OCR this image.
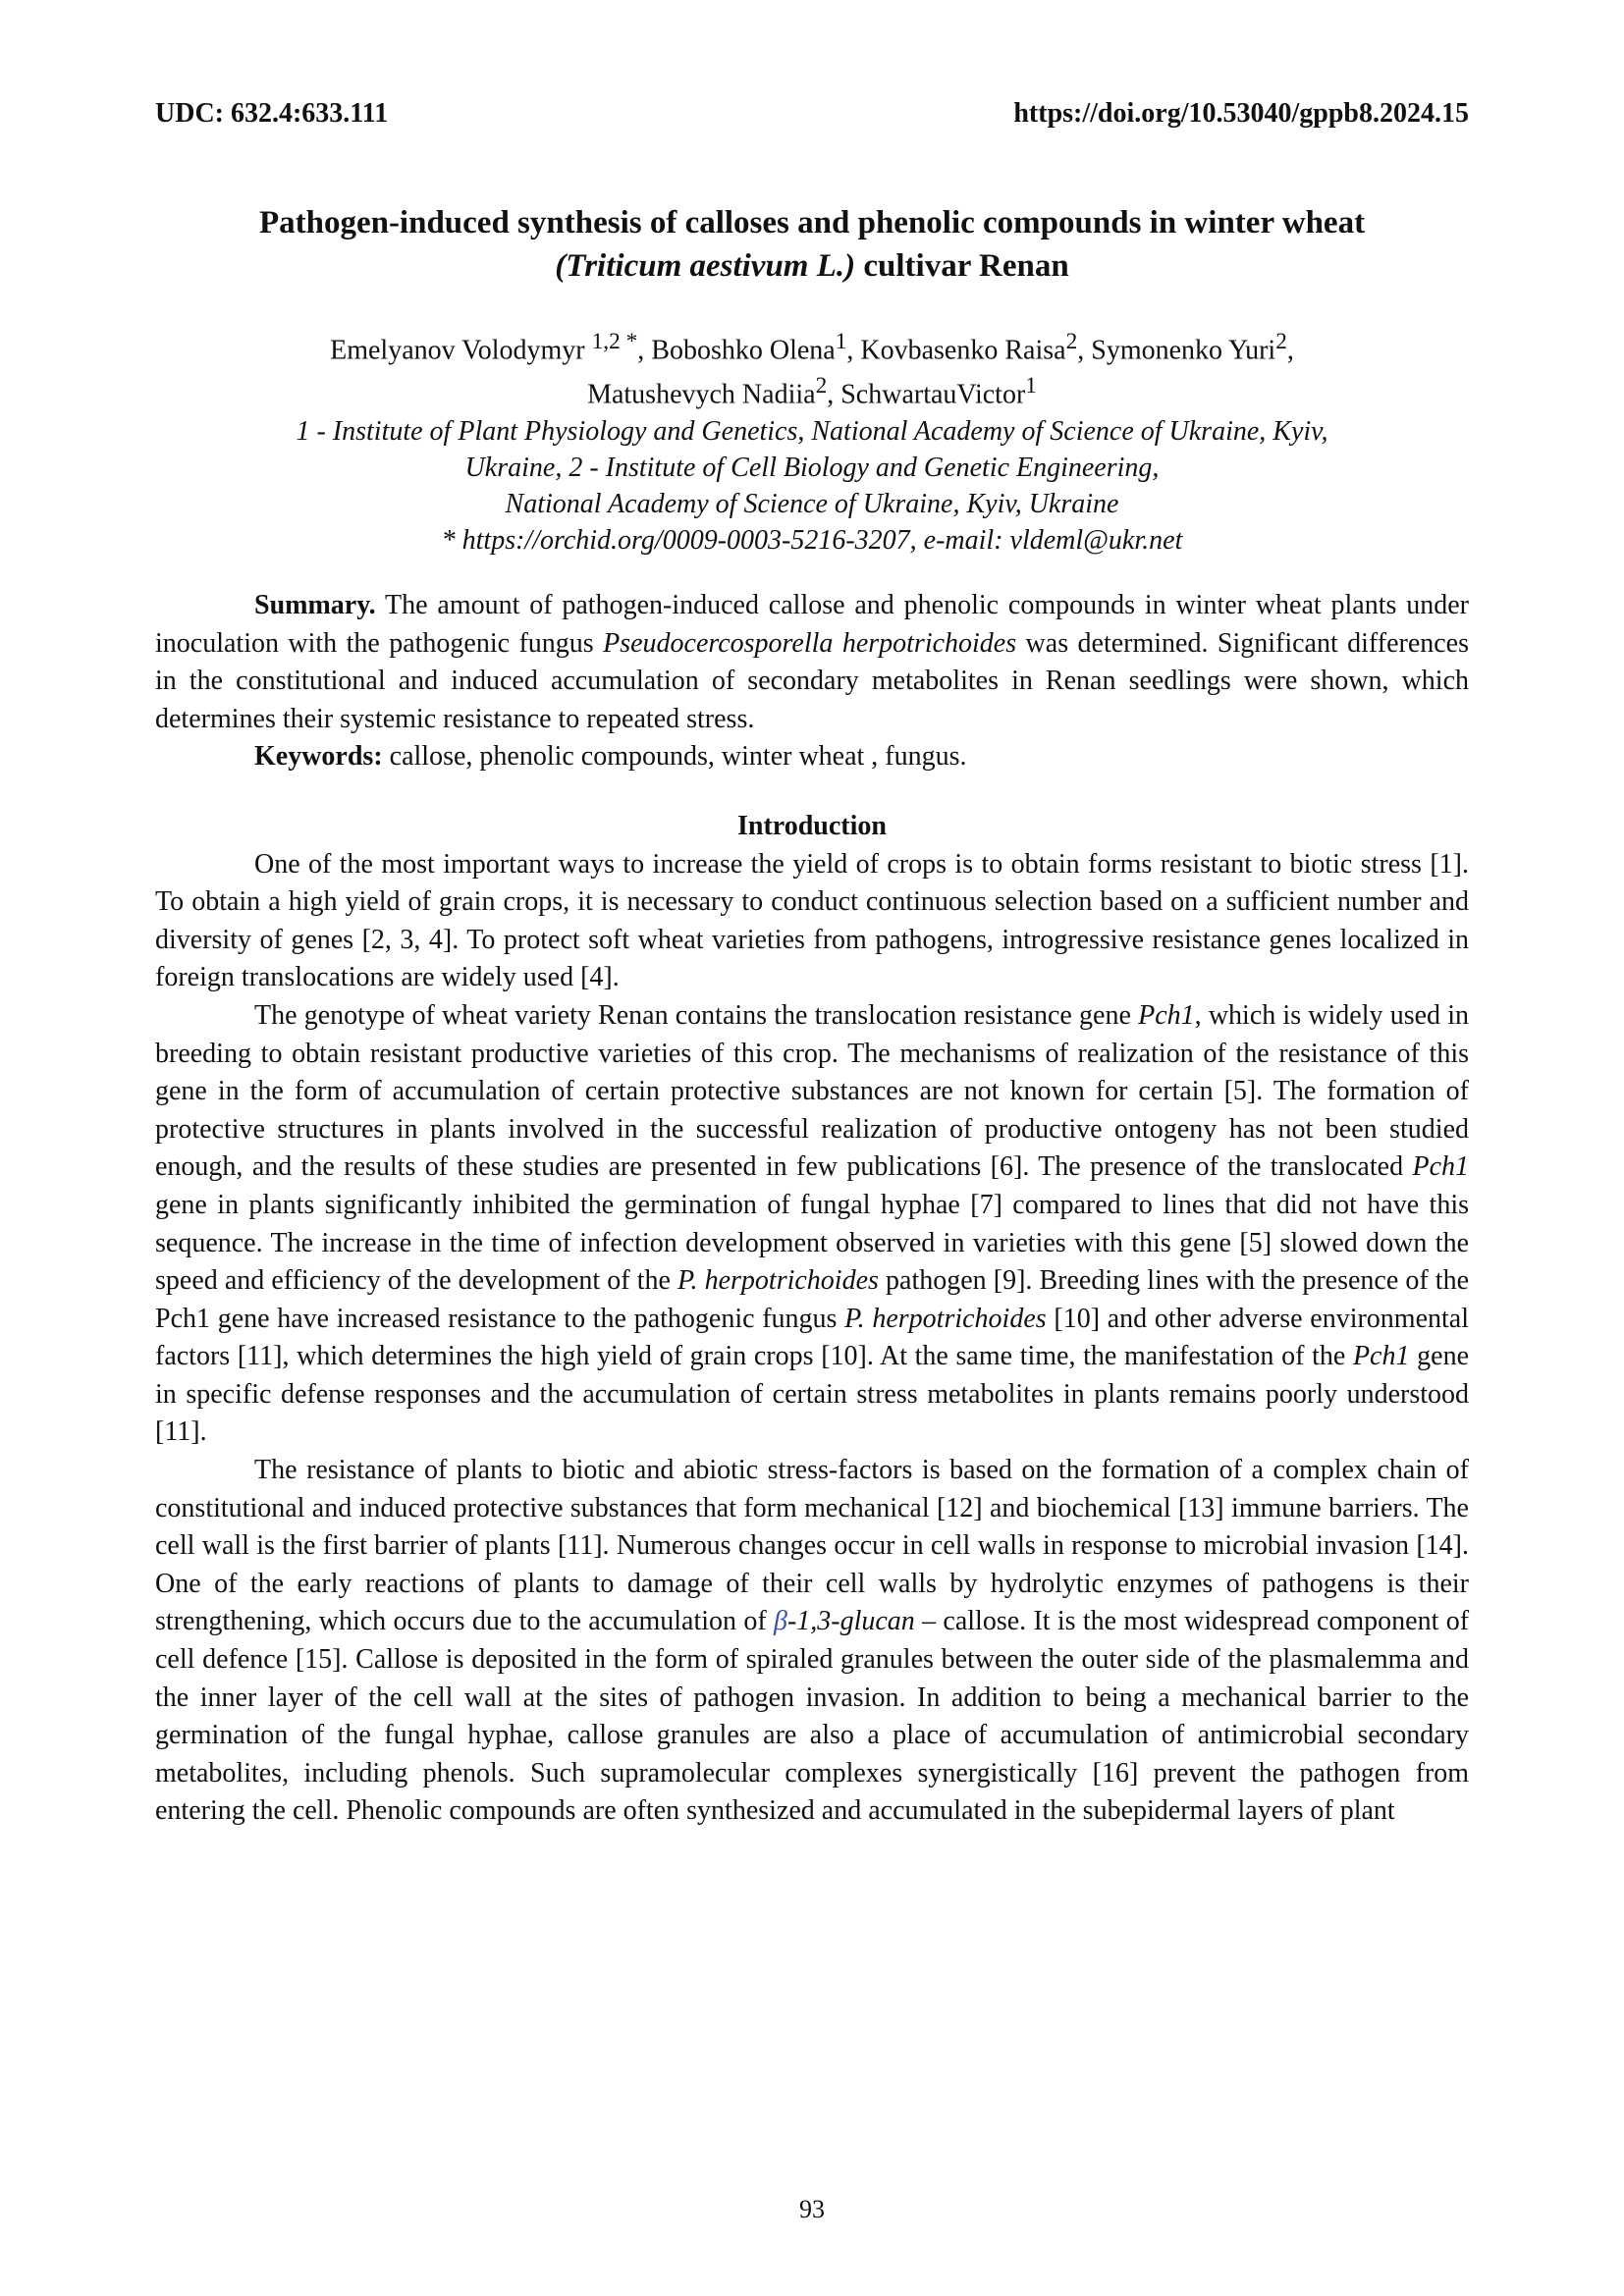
UDC: 632.4:633.111	https://doi.org/10.53040/gppb8.2024.15
Pathogen-induced synthesis of calloses and phenolic compounds in winter wheat
(Triticum aestivum L.) cultivar Renan
Emelyanov Volodymyr $^{1,2 *}$, Boboshko Olena$^1$, Kovbasenko Raisa$^2$, Symonenko Yuri$^2$,
Matushevych Nadiia$^2$, SchwartauVictor$^1$
1 - Institute of Plant Physiology and Genetics, National Academy of Science of Ukraine, Kyiv,
Ukraine, 2 - Institute of Cell Biology and Genetic Engineering,
National Academy of Science of Ukraine, Kyiv, Ukraine
* https://orchid.org/0009-0003-5216-3207, e-mail: vldeml@ukr.net

Summary. The amount of pathogen-induced callose and phenolic compounds in winter wheat plants under inoculation with the pathogenic fungus Pseudocercosporella herpotrichoides was determined. Significant differences in the constitutional and induced accumulation of secondary metabolites in Renan seedlings were shown, which determines their systemic resistance to repeated stress.

Keywords: callose, phenolic compounds, winter wheat , fungus.

Introduction

One of the most important ways to increase the yield of crops is to obtain forms resistant to biotic stress [1]. To obtain a high yield of grain crops, it is necessary to conduct continuous selection based on a sufficient number and diversity of genes [2, 3, 4]. To protect soft wheat varieties from pathogens, introgressive resistance genes localized in foreign translocations are widely used [4].

The genotype of wheat variety Renan contains the translocation resistance gene Pch1, which is widely used in breeding to obtain resistant productive varieties of this crop. The mechanisms of realization of the resistance of this gene in the form of accumulation of certain protective substances are not known for certain [5]. The formation of protective structures in plants involved in the successful realization of productive ontogeny has not been studied enough, and the results of these studies are presented in few publications [6]. The presence of the translocated Pch1 gene in plants significantly inhibited the germination of fungal hyphae [7] compared to lines that did not have this sequence. The increase in the time of infection development observed in varieties with this gene [5] slowed down the speed and efficiency of the development of the P. herpotrichoides pathogen [9]. Breeding lines with the presence of the Pch1 gene have increased resistance to the pathogenic fungus P. herpotrichoides [10] and other adverse environmental factors [11], which determines the high yield of grain crops [10]. At the same time, the manifestation of the Pch1 gene in specific defense responses and the accumulation of certain stress metabolites in plants remains poorly understood [11].

The resistance of plants to biotic and abiotic stress-factors is based on the formation of a complex chain of constitutional and induced protective substances that form mechanical [12] and biochemical [13] immune barriers. The cell wall is the first barrier of plants [11]. Numerous changes occur in cell walls in response to microbial invasion [14]. One of the early reactions of plants to damage of their cell walls by hydrolytic enzymes of pathogens is their strengthening, which occurs due to the accumulation of β-1,3-glucan – callose. It is the most widespread component of cell defence [15]. Callose is deposited in the form of spiraled granules between the outer side of the plasmalemma and the inner layer of the cell wall at the sites of pathogen invasion. In addition to being a mechanical barrier to the germination of the fungal hyphae, callose granules are also a place of accumulation of antimicrobial secondary metabolites, including phenols. Such supramolecular complexes synergistically [16] prevent the pathogen from entering the cell. Phenolic compounds are often synthesized and accumulated in the subepidermal layers of plant

93
